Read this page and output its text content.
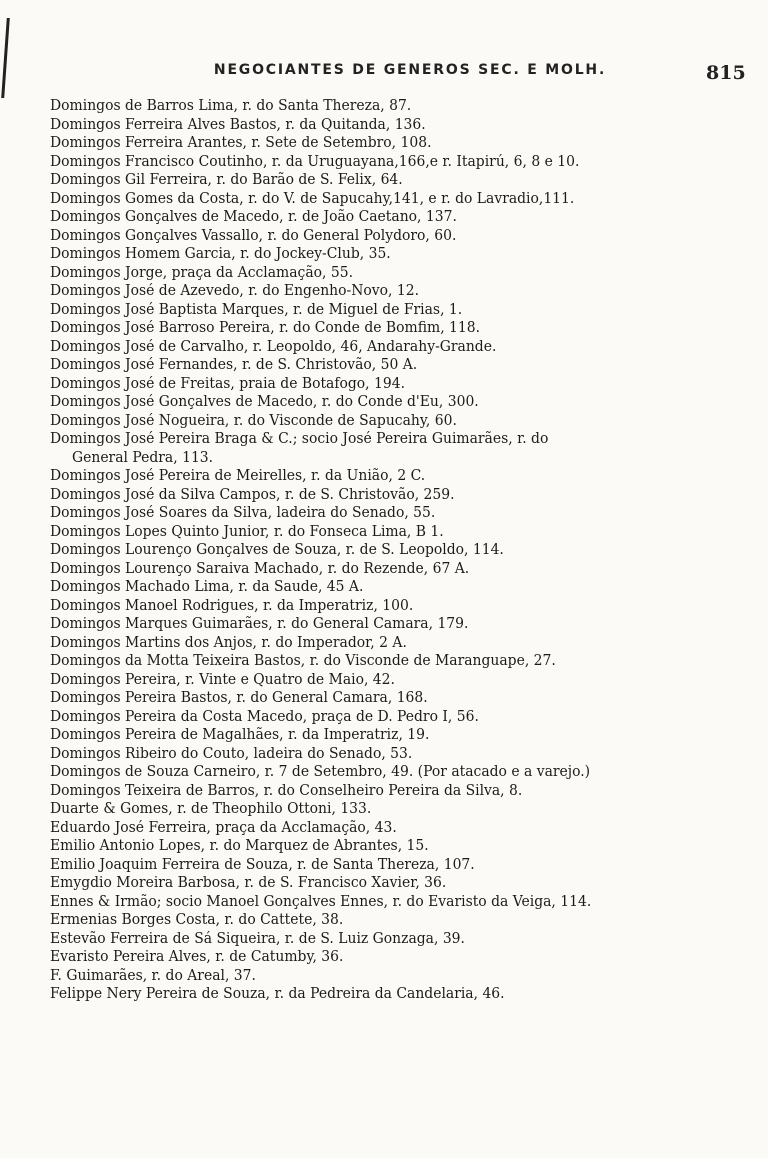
NEGOCIANTES DE GENEROS SEC. E MOLH.	815
Domingos de Barros Lima, r. do Santa Thereza, 87.
Domingos Ferreira Alves Bastos, r. da Quitanda, 136.
Domingos Ferreira Arantes, r. Sete de Setembro, 108.
Domingos Francisco Coutinho, r. da Uruguayana,166,e r. Itapirú, 6, 8 e 10.
Domingos Gil Ferreira, r. do Barão de S. Felix, 64.
Domingos Gomes da Costa, r. do V. de Sapucahy,141, e r. do Lavradio,111.
Domingos Gonçalves de Macedo, r. de João Caetano, 137.
Domingos Gonçalves Vassallo, r. do General Polydoro, 60.
Domingos Homem Garcia, r. do Jockey-Club, 35.
Domingos Jorge, praça da Acclamação, 55.
Domingos José de Azevedo, r. do Engenho-Novo, 12.
Domingos José Baptista Marques, r. de Miguel de Frias, 1.
Domingos José Barroso Pereira, r. do Conde de Bomfim, 118.
Domingos José de Carvalho, r. Leopoldo, 46, Andarahy-Grande.
Domingos José Fernandes, r. de S. Christovão, 50 A.
Domingos José de Freitas, praia de Botafogo, 194.
Domingos José Gonçalves de Macedo, r. do Conde d'Eu, 300.
Domingos José Nogueira, r. do Visconde de Sapucahy, 60.
Domingos José Pereira Braga & C.; socio José Pereira Guimarães, r. do
General Pedra, 113.
Domingos José Pereira de Meirelles, r. da União, 2 C.
Domingos José da Silva Campos, r. de S. Christovão, 259.
Domingos José Soares da Silva, ladeira do Senado, 55.
Domingos Lopes Quinto Junior, r. do Fonseca Lima, B 1.
Domingos Lourenço Gonçalves de Souza, r. de S. Leopoldo, 114.
Domingos Lourenço Saraiva Machado, r. do Rezende, 67 A.
Domingos Machado Lima, r. da Saude, 45 A.
Domingos Manoel Rodrigues, r. da Imperatriz, 100.
Domingos Marques Guimarães, r. do General Camara, 179.
Domingos Martins dos Anjos, r. do Imperador, 2 A.
Domingos da Motta Teixeira Bastos, r. do Visconde de Maranguape, 27.
Domingos Pereira, r. Vinte e Quatro de Maio, 42.
Domingos Pereira Bastos, r. do General Camara, 168.
Domingos Pereira da Costa Macedo, praça de D. Pedro I, 56.
Domingos Pereira de Magalhães, r. da Imperatriz, 19.
Domingos Ribeiro do Couto, ladeira do Senado, 53.
Domingos de Souza Carneiro, r. 7 de Setembro, 49. (Por atacado e a varejo.)
Domingos Teixeira de Barros, r. do Conselheiro Pereira da Silva, 8.
Duarte & Gomes, r. de Theophilo Ottoni, 133.
Eduardo José Ferreira, praça da Acclamação, 43.
Emilio Antonio Lopes, r. do Marquez de Abrantes, 15.
Emilio Joaquim Ferreira de Souza, r. de Santa Thereza, 107.
Emygdio Moreira Barbosa, r. de S. Francisco Xavier, 36.
Ennes & Irmão; socio Manoel Gonçalves Ennes, r. do Evaristo da Veiga, 114.
Ermenias Borges Costa, r. do Cattete, 38.
Estevão Ferreira de Sá Siqueira, r. de S. Luiz Gonzaga, 39.
Evaristo Pereira Alves, r. de Catumby, 36.
F. Guimarães, r. do Areal, 37.
Felippe Nery Pereira de Souza, r. da Pedreira da Candelaria, 46.
